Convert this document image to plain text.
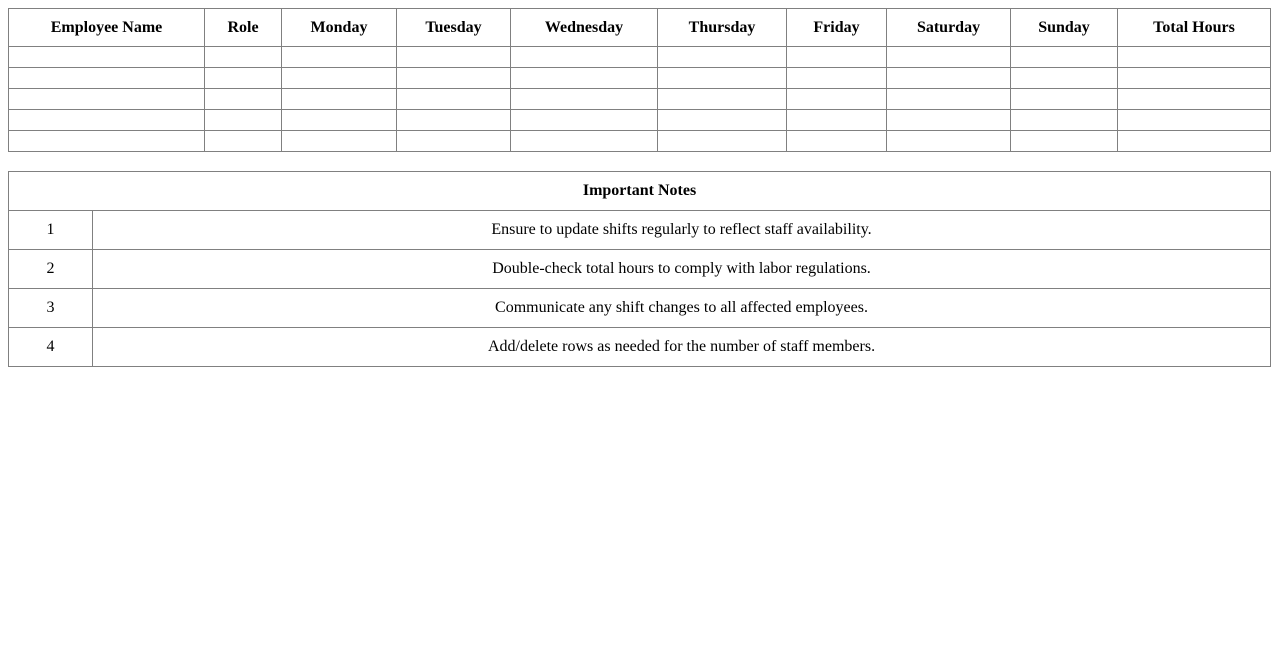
Employee Name	Role	Monday	Tuesday	Wednesday	Thursday	Friday	Saturday	Sunday	Total Hours

Important Notes	
1	Ensure to update shifts regularly to reflect staff availability.
2	Double-check total hours to comply with labor regulations.
3	Communicate any shift changes to all affected employees.
4	Add/delete rows as needed for the number of staff members.
